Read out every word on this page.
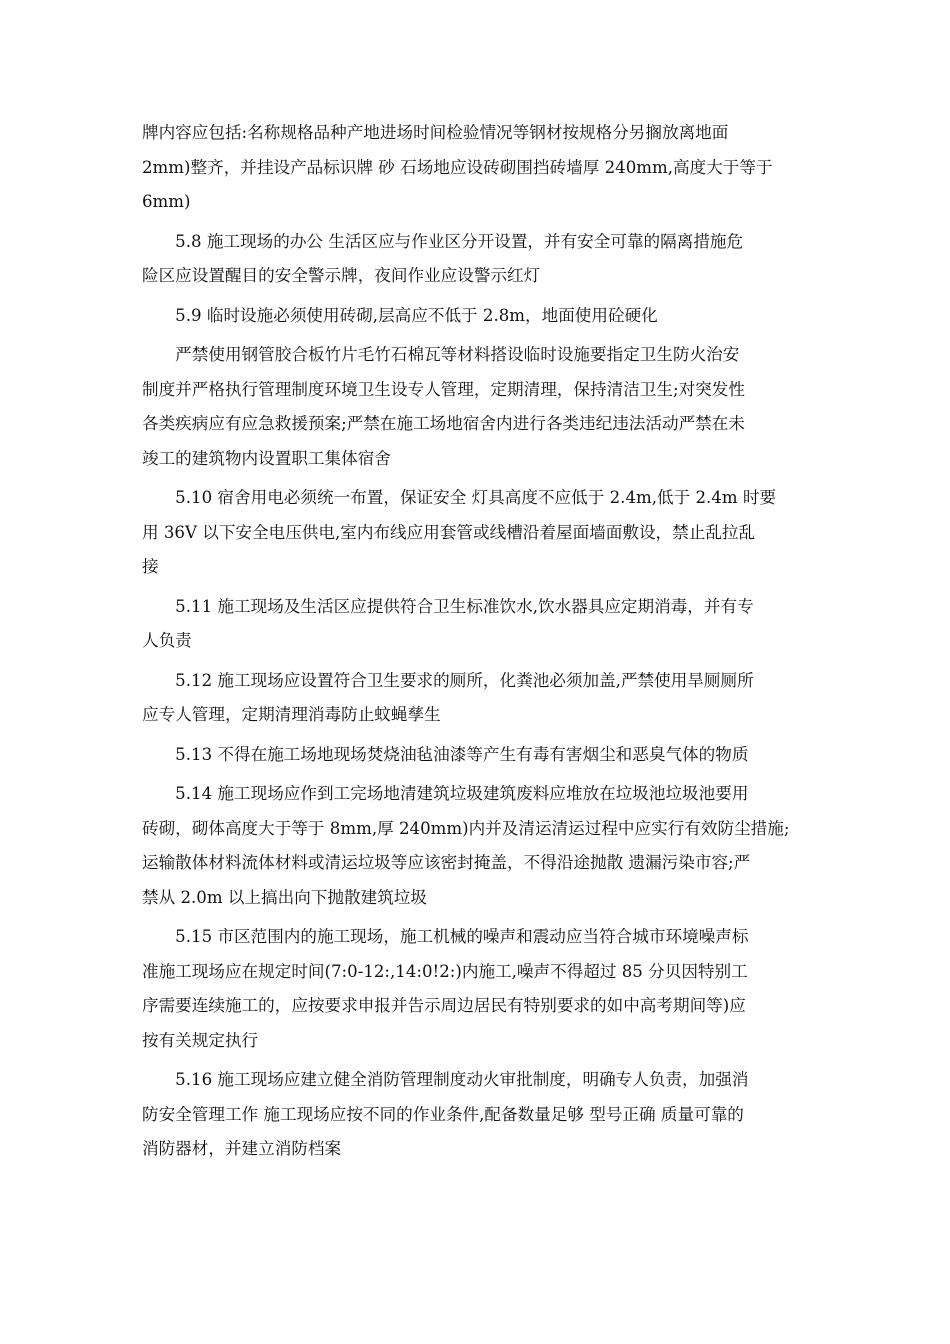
牌内容应包括:名称规格品种产地进场时间检验情况等钢材按规格分另搁放离地面
2mm)整齐，并挂设产品标识牌 砂 石场地应设砖砌围挡砖墙厚 240mm,高度大于等于
6mm)

　　5.8 施工现场的办公 生活区应与作业区分开设置，并有安全可靠的隔离措施危
险区应设置醒目的安全警示牌，夜间作业应设警示红灯

　　5.9 临时设施必须使用砖砌,层高应不低于 2.8m，地面使用砼硬化

　　严禁使用钢管胶合板竹片毛竹石棉瓦等材料搭设临时设施要指定卫生防火治安
制度并严格执行管理制度环境卫生设专人管理，定期清理，保持清洁卫生;对突发性
各类疾病应有应急救援预案;严禁在施工场地宿舍内进行各类违纪违法活动严禁在未
竣工的建筑物内设置职工集体宿舍

　　5.10 宿舍用电必须统一布置，保证安全 灯具高度不应低于 2.4m,低于 2.4m 时要
用 36V 以下安全电压供电,室内布线应用套管或线槽沿着屋面墙面敷设，禁止乱拉乱
接

　　5.11 施工现场及生活区应提供符合卫生标准饮水,饮水器具应定期消毒，并有专
人负责

　　5.12 施工现场应设置符合卫生要求的厕所，化粪池必须加盖,严禁使用旱厕厕所
应专人管理，定期清理消毒防止蚊蝇孳生

　　5.13 不得在施工场地现场焚烧油毡油漆等产生有毒有害烟尘和恶臭气体的物质

　　5.14 施工现场应作到工完场地清建筑垃圾建筑废料应堆放在垃圾池垃圾池要用
砖砌，砌体高度大于等于 8mm,厚 240mm)内并及清运清运过程中应实行有效防尘措施;
运输散体材料流体材料或清运垃圾等应该密封掩盖，不得沿途抛散 遗漏污染市容;严
禁从 2.0m 以上搞出向下抛散建筑垃圾

　　5.15 市区范围内的施工现场，施工机械的噪声和震动应当符合城市环境噪声标
准施工现场应在规定时间(7:0-12:,14:0!2:)内施工,噪声不得超过 85 分贝因特别工
序需要连续施工的，应按要求申报并告示周边居民有特别要求的如中高考期间等)应
按有关规定执行

　　5.16 施工现场应建立健全消防管理制度动火审批制度，明确专人负责，加强消
防安全管理工作 施工现场应按不同的作业条件,配备数量足够 型号正确 质量可靠的
消防器材，并建立消防档案
